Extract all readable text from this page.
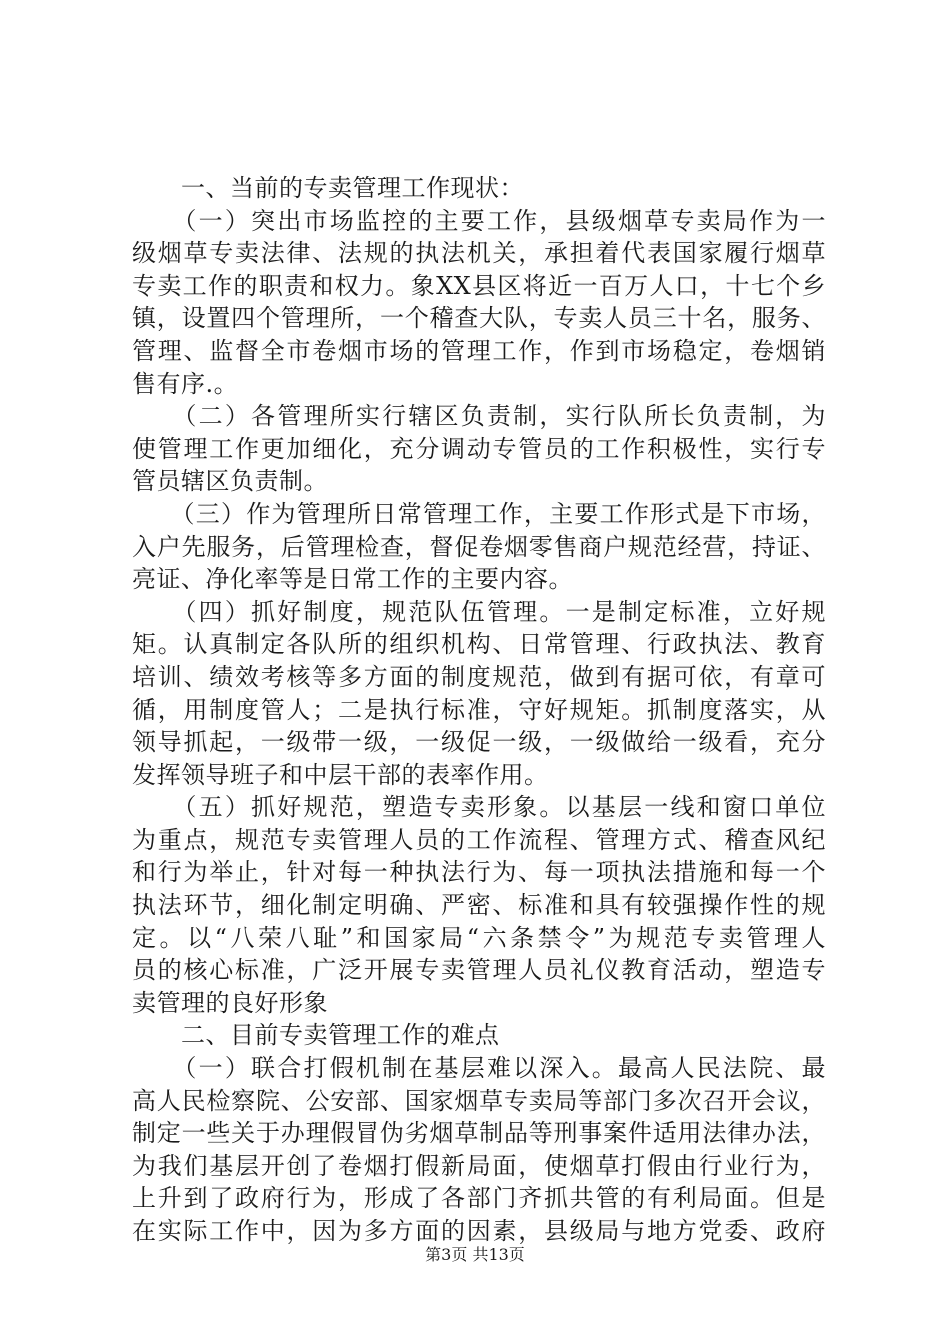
　　一、当前的专卖管理工作现状：
　　（一）突出市场监控的主要工作，县级烟草专卖局作为一
级烟草专卖法律、法规的执法机关，承担着代表国家履行烟草
专卖工作的职责和权力。象XX县区将近一百万人口，十七个乡
镇，设置四个管理所，一个稽查大队，专卖人员三十名，服务、
管理、监督全市卷烟市场的管理工作，作到市场稳定，卷烟销
售有序.。
　　（二）各管理所实行辖区负责制，实行队所长负责制，为
使管理工作更加细化，充分调动专管员的工作积极性，实行专
管员辖区负责制。
　　（三）作为管理所日常管理工作，主要工作形式是下市场，
入户先服务，后管理检查，督促卷烟零售商户规范经营，持证、
亮证、净化率等是日常工作的主要内容。
　　（四）抓好制度，规范队伍管理。一是制定标准，立好规
矩。认真制定各队所的组织机构、日常管理、行政执法、教育
培训、绩效考核等多方面的制度规范，做到有据可依，有章可
循，用制度管人；二是执行标准，守好规矩。抓制度落实，从
领导抓起，一级带一级，一级促一级，一级做给一级看，充分
发挥领导班子和中层干部的表率作用。
　　（五）抓好规范，塑造专卖形象。以基层一线和窗口单位
为重点，规范专卖管理人员的工作流程、管理方式、稽查风纪
和行为举止，针对每一种执法行为、每一项执法措施和每一个
执法环节，细化制定明确、严密、标准和具有较强操作性的规
定。以“八荣八耻”和国家局“六条禁令”为规范专卖管理人
员的核心标准，广泛开展专卖管理人员礼仪教育活动，塑造专
卖管理的良好形象
　　二、目前专卖管理工作的难点
　　（一）联合打假机制在基层难以深入。最高人民法院、最
高人民检察院、公安部、国家烟草专卖局等部门多次召开会议，
制定一些关于办理假冒伪劣烟草制品等刑事案件适用法律办法，
为我们基层开创了卷烟打假新局面，使烟草打假由行业行为，
上升到了政府行为，形成了各部门齐抓共管的有利局面。但是
在实际工作中，因为多方面的因素，县级局与地方党委、政府
第3页 共13页
